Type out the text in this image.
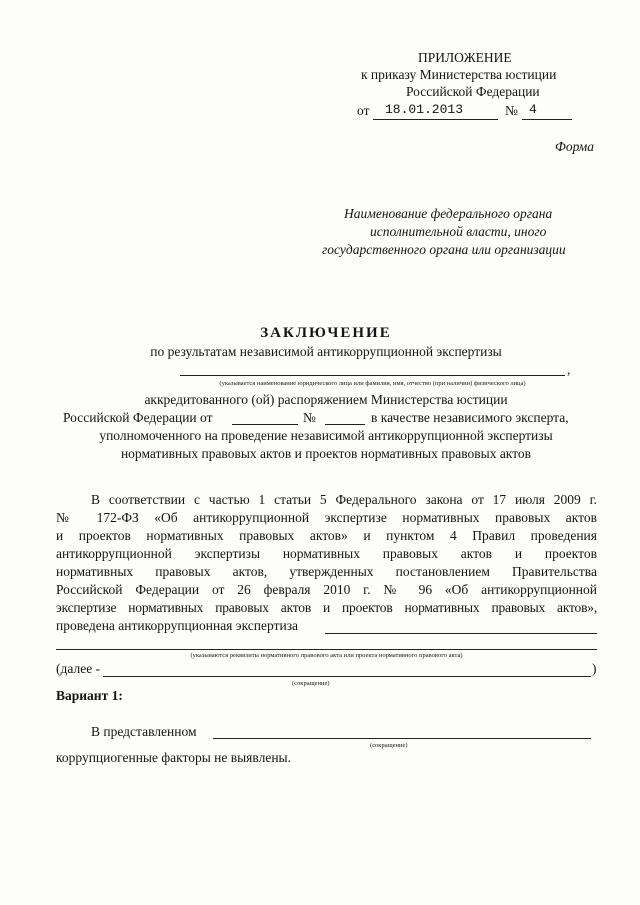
ПРИЛОЖЕНИЕ
к приказу Министерства юстиции
Российской Федерации
от 18.01.2013	№ 4
Форма
Наименование федерального органа
исполнительной власти, иного
государственного органа или организации
ЗАКЛЮЧЕНИЕ
по результатам независимой антикоррупционной экспертизы
,
(указывается наименование юридического лица или фамилия, имя, отчество (при наличии) физического лица)
аккредитованного (ой) распоряжением Министерства юстиции
Российской Федерации от	№	в качестве независимого эксперта,
уполномоченного на проведение независимой антикоррупционной экспертизы
нормативных правовых актов и проектов нормативных правовых актов
В соответствии с частью 1 статьи 5 Федерального закона от 17 июля 2009 г.
№ 172-ФЗ «Об антикоррупционной экспертизе нормативных правовых актов
и проектов нормативных правовых актов» и пунктом 4 Правил проведения
антикоррупционной экспертизы нормативных правовых актов и проектов
нормативных правовых актов, утвержденных постановлением Правительства
Российской Федерации от 26 февраля 2010 г. № 96 «Об антикоррупционной
экспертизе нормативных правовых актов и проектов нормативных правовых актов»,
проведена антикоррупционная экспертиза
(указываются реквизиты нормативного правового акта или проекта нормативного правового акта)
(далее -	)
(сокращение)
Вариант 1:
В представленном
(сокращение)
коррупциогенные факторы не выявлены.
